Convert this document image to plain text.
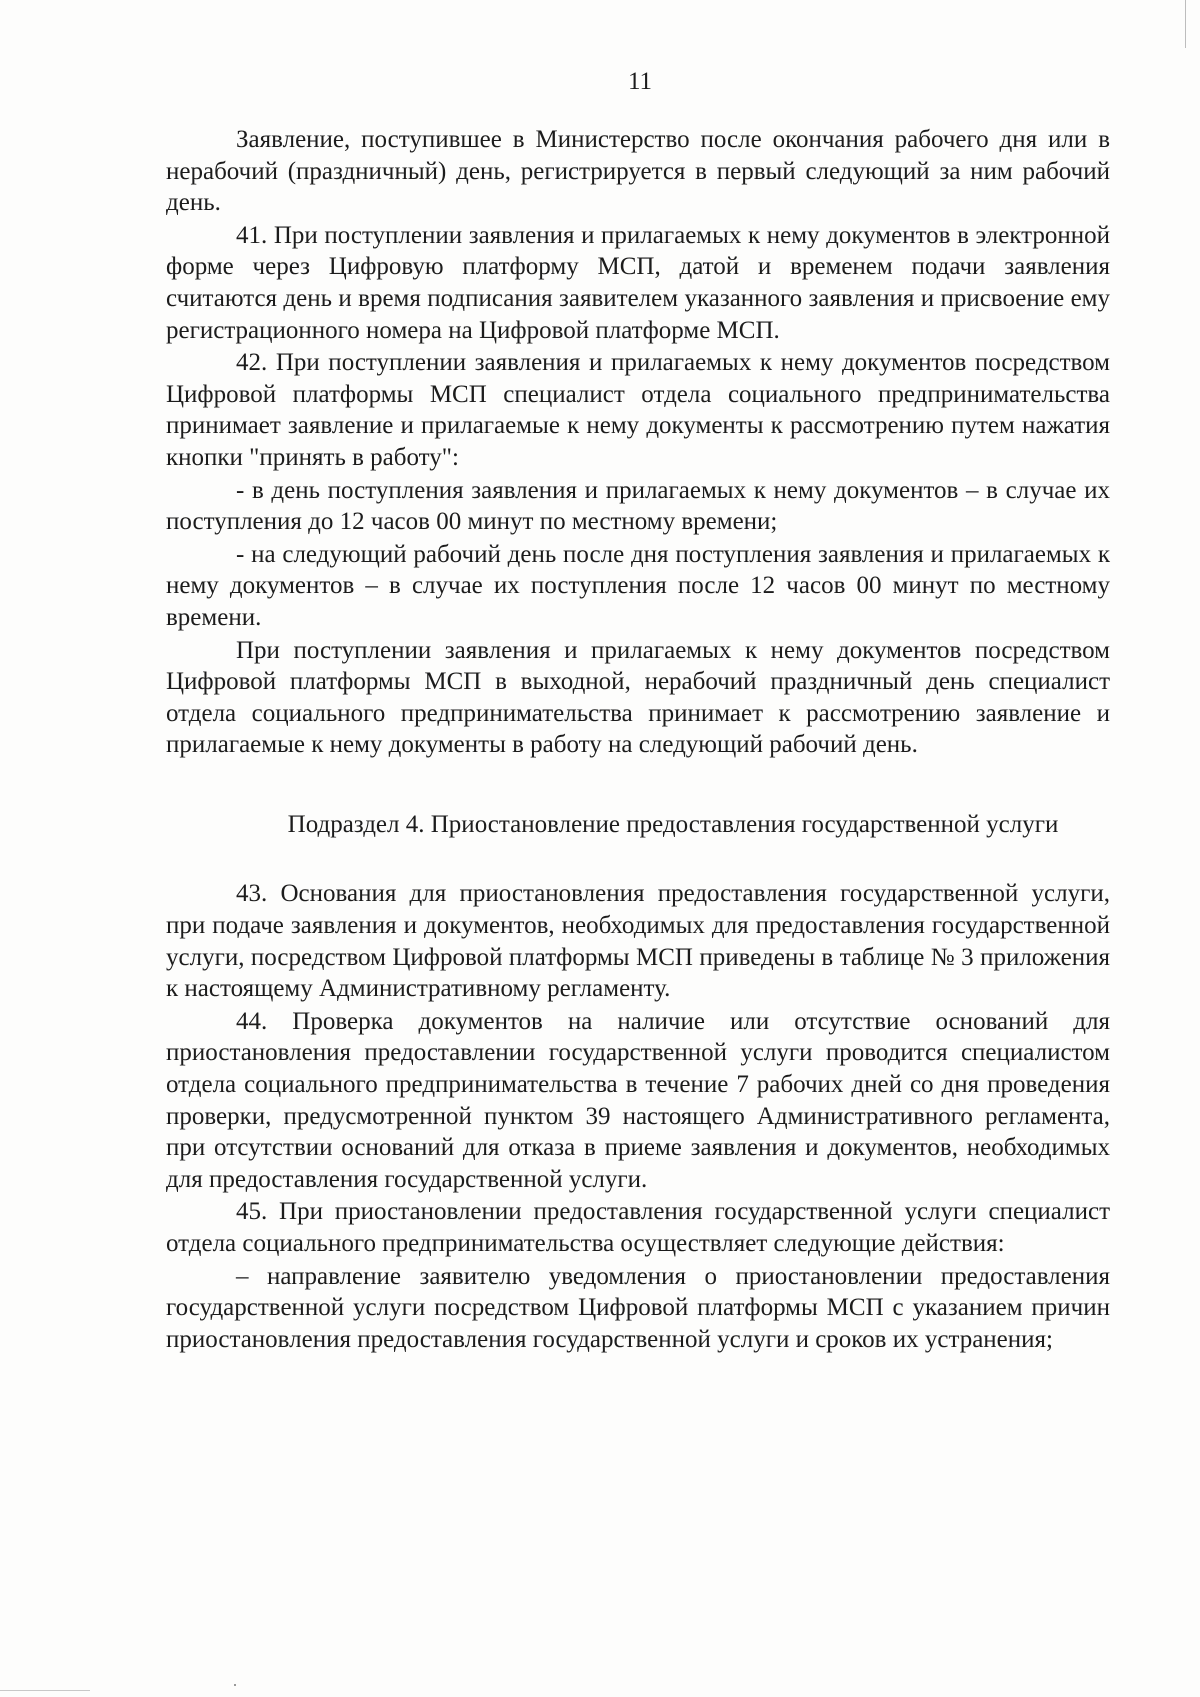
11

Заявление, поступившее в Министерство после окончания рабочего дня или в нерабочий (праздничный) день, регистрируется в первый следующий за ним рабочий день.

41. При поступлении заявления и прилагаемых к нему документов в электронной форме через Цифровую платформу МСП, датой и временем подачи заявления считаются день и время подписания заявителем указанного заявления и присвоение ему регистрационного номера на Цифровой платформе МСП.

42. При поступлении заявления и прилагаемых к нему документов посредством Цифровой платформы МСП специалист отдела социального предпринимательства принимает заявление и прилагаемые к нему документы к рассмотрению путем нажатия кнопки "принять в работу":

- в день поступления заявления и прилагаемых к нему документов – в случае их поступления до 12 часов 00 минут по местному времени;

- на следующий рабочий день после дня поступления заявления и прилагаемых к нему документов – в случае их поступления после 12 часов 00 минут по местному времени.

При поступлении заявления и прилагаемых к нему документов посредством Цифровой платформы МСП в выходной, нерабочий праздничный день специалист отдела социального предпринимательства принимает к рассмотрению заявление и прилагаемые к нему документы в работу на следующий рабочий день.

Подраздел 4. Приостановление предоставления государственной услуги

43. Основания для приостановления предоставления государственной услуги, при подаче заявления и документов, необходимых для предоставления государственной услуги, посредством Цифровой платформы МСП приведены в таблице № 3 приложения к настоящему Административному регламенту.

44. Проверка документов на наличие или отсутствие оснований для приостановления предоставлении государственной услуги проводится специалистом отдела социального предпринимательства в течение 7 рабочих дней со дня проведения проверки, предусмотренной пунктом 39 настоящего Административного регламента, при отсутствии оснований для отказа в приеме заявления и документов, необходимых для предоставления государственной услуги.

45. При приостановлении предоставления государственной услуги специалист отдела социального предпринимательства осуществляет следующие действия:

– направление заявителю уведомления о приостановлении предоставления государственной услуги посредством Цифровой платформы МСП с указанием причин приостановления предоставления государственной услуги и сроков их устранения;
